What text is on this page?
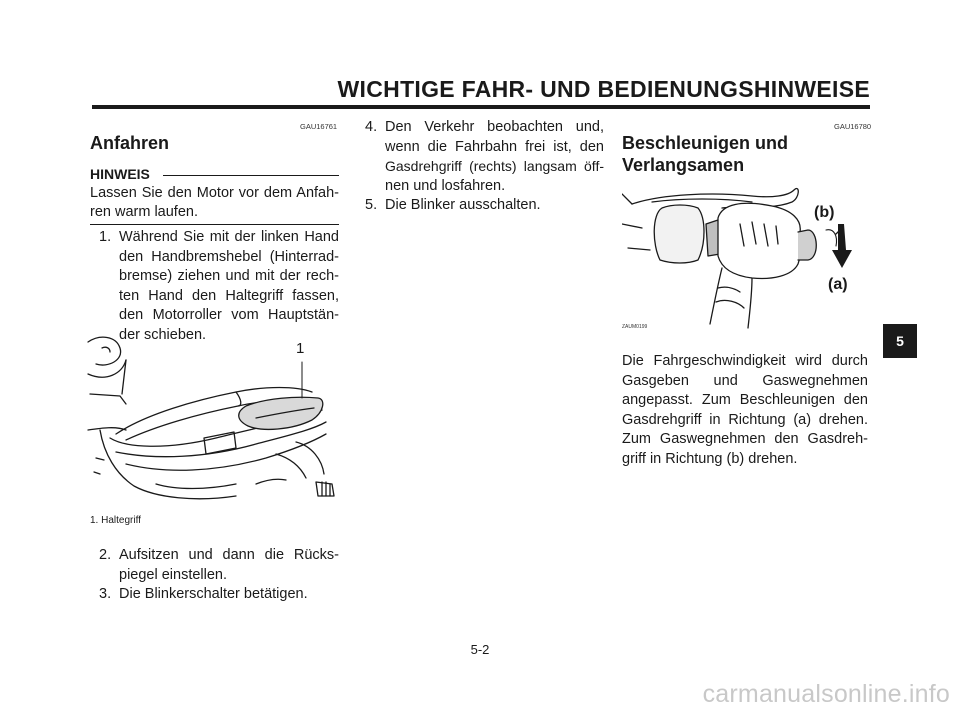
WICHTIGE FAHR- UND BEDIENUNGSHINWEISE
GAU16761
Anfahren
HINWEIS
Lassen Sie den Motor vor dem Anfah-
ren warm laufen.
1. Während Sie mit der linken Hand
den Handbremshebel (Hinterrad-
bremse) ziehen und mit der rech-
ten Hand den Haltegriff fassen,
den Motorroller vom Hauptstän-
der schieben.
1
1. Haltegriff
2. Aufsitzen und dann die Rücks-
piegel einstellen.
3. Die Blinkerschalter betätigen.
4. Den Verkehr beobachten und,
wenn die Fahrbahn frei ist, den
Gasdrehgriff (rechts) langsam öff-
nen und losfahren.
5. Die Blinker ausschalten.
GAU16780
Beschleunigen und
Verlangsamen
(b)
(a)
ZAUM0199
Die Fahrgeschwindigkeit wird durch
Gasgeben und Gaswegnehmen
angepasst. Zum Beschleunigen den
Gasdrehgriff in Richtung (a) drehen.
Zum Gaswegnehmen den Gasdreh-
griff in Richtung (b) drehen.
5
5-2
carmanualsonline.info
